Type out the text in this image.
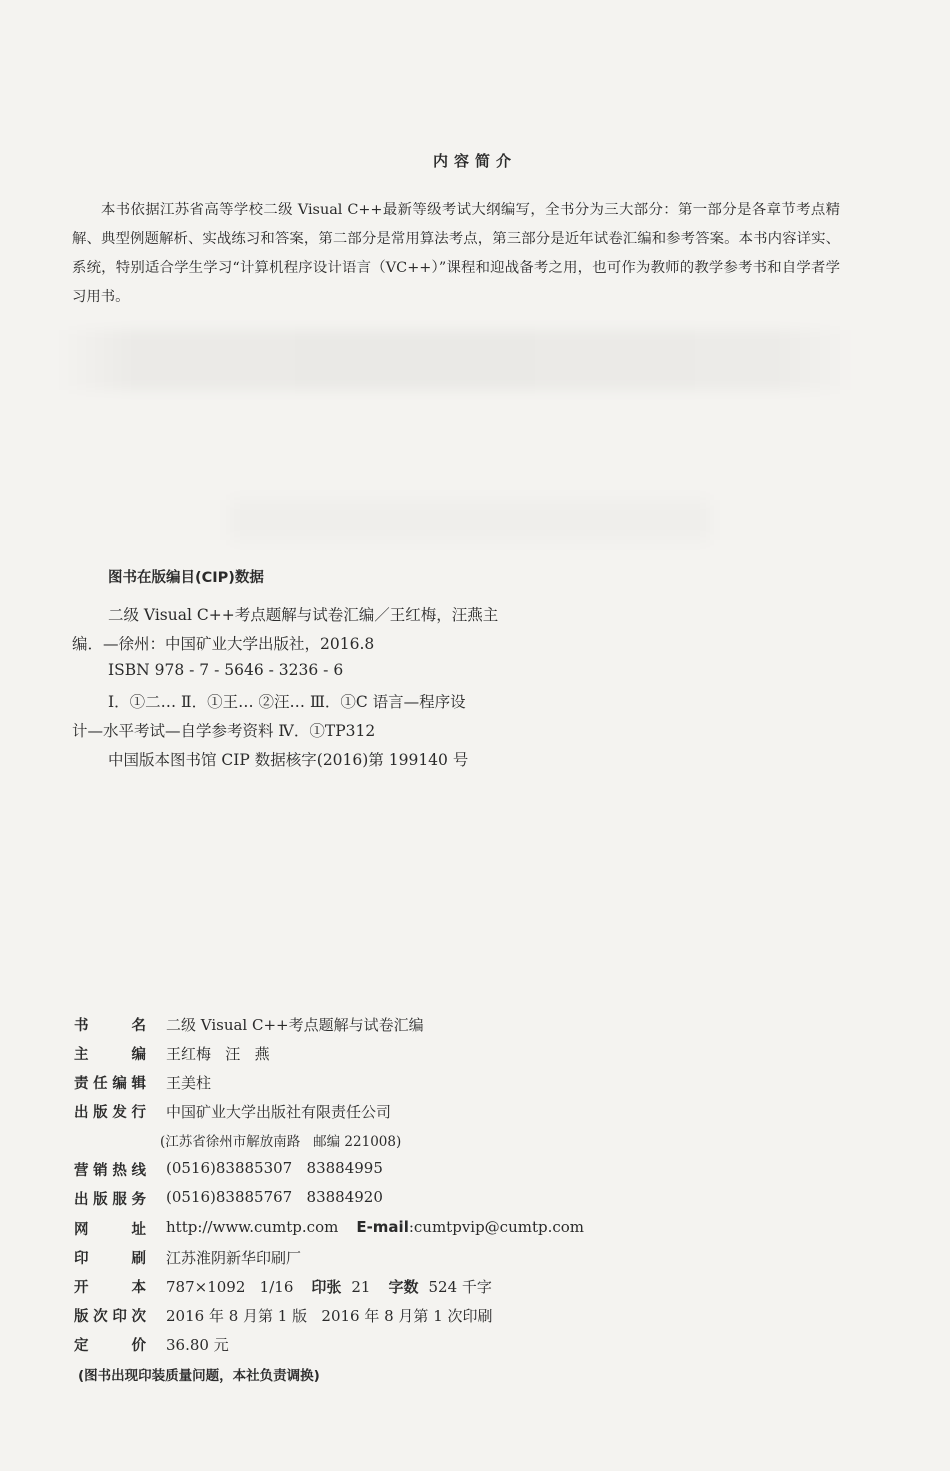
内容简介
本书依据江苏省高等学校二级 Visual C++最新等级考试大纲编写，全书分为三大部分：第一部分是各章节考点精解、典型例题解析、实战练习和答案，第二部分是常用算法考点，第三部分是近年试卷汇编和参考答案。本书内容详实、系统，特别适合学生学习“计算机程序设计语言（VC++）”课程和迎战备考之用，也可作为教师的教学参考书和自学者学习用书。
图书在版编目(CIP)数据
二级 Visual C++考点题解与试卷汇编／王红梅，汪燕主
编．—徐州：中国矿业大学出版社，2016.8
ISBN 978 - 7 - 5646 - 3236 - 6
Ⅰ．①二… Ⅱ．①王… ②汪… Ⅲ．①C 语言—程序设
计—水平考试—自学参考资料 Ⅳ．①TP312
中国版本图书馆 CIP 数据核字(2016)第 199140 号
书名 二级 Visual C++考点题解与试卷汇编
主编 王红梅   汪   燕
责任编辑 王美柱
出版发行 中国矿业大学出版社有限责任公司
(江苏省徐州市解放南路   邮编 221008)
营销热线 (0516)83885307   83884995
出版服务 (0516)83885767   83884920
网址 http://www.cumtp.com E-mail:cumtpvip@cumtp.com
印刷 江苏淮阴新华印刷厂
开本 787×1092   1/16 印张 21 字数 524 千字
版次印次 2016 年 8 月第 1 版   2016 年 8 月第 1 次印刷
定价 36.80 元
(图书出现印装质量问题，本社负责调换)
